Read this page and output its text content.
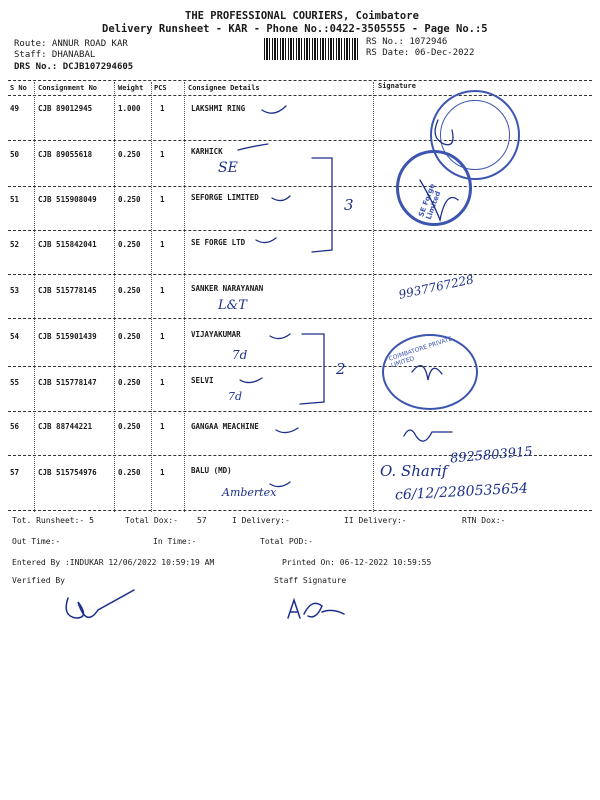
THE PROFESSIONAL COURIERS, Coimbatore
Delivery Runsheet - KAR - Phone No.:0422-3505555 - Page No.:5
Route: ANNUR ROAD KAR
Staff: DHANABAL
DRS No.: DCJB107294605
RS No.: 1072946
RS Date: 06-Dec-2022
S No Consignment No	Weight PCS	Consignee Details	Signature
49	CJB 89012945	1.000	1	LAKSHMI RING
50	CJB 89055618	0.250	1	KARHICK
51	CJB 515908049	0.250	1	SEFORGE LIMITED
52	CJB 515842041	0.250	1	SE FORGE LTD
53	CJB 515778145	0.250	1	SANKER NARAYANAN
54	CJB 515901439	0.250	1	VIJAYAKUMAR
55	CJB 515778147	0.250	1	SELVI
56	CJB 88744221	0.250	1	GANGAA MEACHINE
57	CJB 515754976	0.250	1	BALU (MD)
SE
3
9937767228
L&T
7d
7d
2
8925803915
O. Sharif
c6/12/2280535654
Ambertex
SE Forge Limited
COIMBATORE PRIVATE LIMITED
Tot. Runsheet:- 5	Total Dox:- 57	I Delivery:-	II Delivery:-	RTN Dox:-
Out Time:-	In Time:-	Total POD:-
Entered By :INDUKAR 12/06/2022 10:59:19 AM	Printed On: 06-12-2022 10:59:55
Verified By	Staff Signature
